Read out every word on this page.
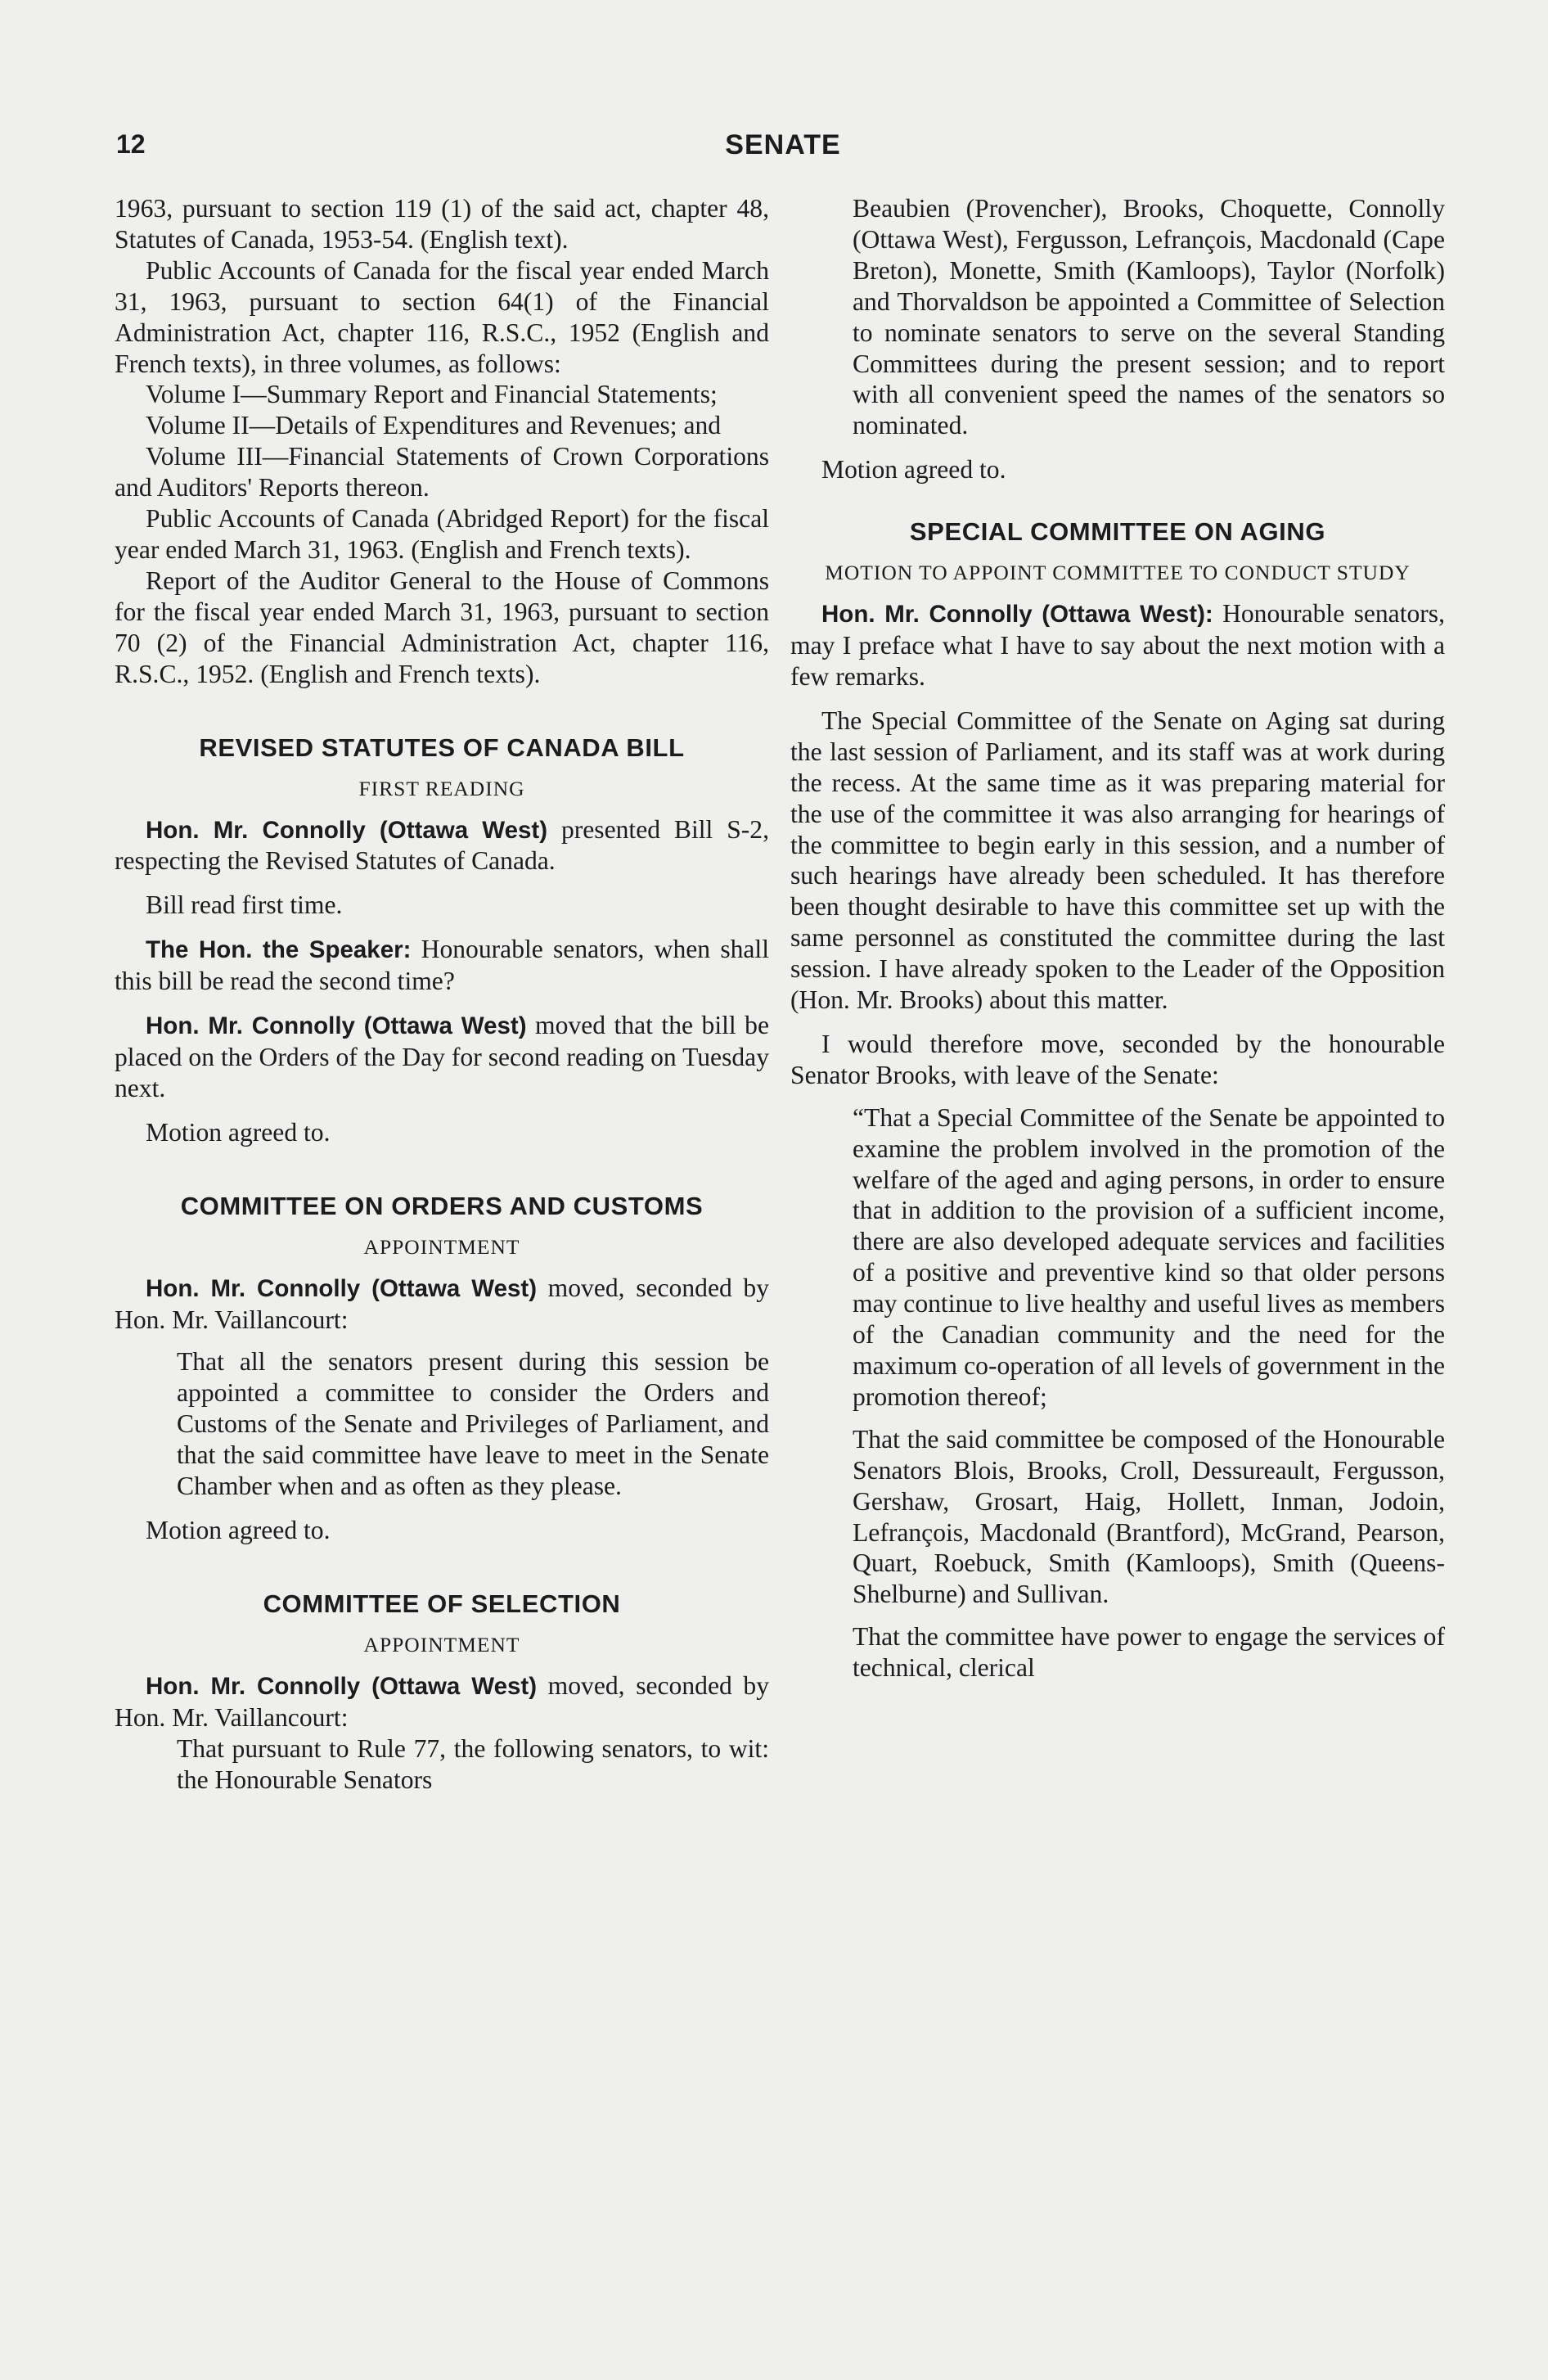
12	SENATE

1963, pursuant to section 119 (1) of the said act, chapter 48, Statutes of Canada, 1953-54. (English text).

Public Accounts of Canada for the fiscal year ended March 31, 1963, pursuant to section 64(1) of the Financial Administration Act, chapter 116, R.S.C., 1952 (English and French texts), in three volumes, as follows:

Volume I—Summary Report and Financial Statements;

Volume II—Details of Expenditures and Revenues; and

Volume III—Financial Statements of Crown Corporations and Auditors' Reports thereon.

Public Accounts of Canada (Abridged Report) for the fiscal year ended March 31, 1963. (English and French texts).

Report of the Auditor General to the House of Commons for the fiscal year ended March 31, 1963, pursuant to section 70 (2) of the Financial Administration Act, chapter 116, R.S.C., 1952. (English and French texts).

REVISED STATUTES OF CANADA BILL
FIRST READING

Hon. Mr. Connolly (Ottawa West) presented Bill S-2, respecting the Revised Statutes of Canada.

Bill read first time.

The Hon. the Speaker: Honourable senators, when shall this bill be read the second time?

Hon. Mr. Connolly (Ottawa West) moved that the bill be placed on the Orders of the Day for second reading on Tuesday next.

Motion agreed to.

COMMITTEE ON ORDERS AND CUSTOMS
APPOINTMENT

Hon. Mr. Connolly (Ottawa West) moved, seconded by Hon. Mr. Vaillancourt:

That all the senators present during this session be appointed a committee to consider the Orders and Customs of the Senate and Privileges of Parliament, and that the said committee have leave to meet in the Senate Chamber when and as often as they please.

Motion agreed to.

COMMITTEE OF SELECTION
APPOINTMENT

Hon. Mr. Connolly (Ottawa West) moved, seconded by Hon. Mr. Vaillancourt:

That pursuant to Rule 77, the following senators, to wit: the Honourable Senators

Beaubien (Provencher), Brooks, Choquette, Connolly (Ottawa West), Fergusson, Lefrançois, Macdonald (Cape Breton), Monette, Smith (Kamloops), Taylor (Norfolk) and Thorvaldson be appointed a Committee of Selection to nominate senators to serve on the several Standing Committees during the present session; and to report with all convenient speed the names of the senators so nominated.

Motion agreed to.

SPECIAL COMMITTEE ON AGING
MOTION TO APPOINT COMMITTEE TO CONDUCT STUDY

Hon. Mr. Connolly (Ottawa West): Honourable senators, may I preface what I have to say about the next motion with a few remarks.

The Special Committee of the Senate on Aging sat during the last session of Parliament, and its staff was at work during the recess. At the same time as it was preparing material for the use of the committee it was also arranging for hearings of the committee to begin early in this session, and a number of such hearings have already been scheduled. It has therefore been thought desirable to have this committee set up with the same personnel as constituted the committee during the last session. I have already spoken to the Leader of the Opposition (Hon. Mr. Brooks) about this matter.

I would therefore move, seconded by the honourable Senator Brooks, with leave of the Senate:

“That a Special Committee of the Senate be appointed to examine the problem involved in the promotion of the welfare of the aged and aging persons, in order to ensure that in addition to the provision of a sufficient income, there are also developed adequate services and facilities of a positive and preventive kind so that older persons may continue to live healthy and useful lives as members of the Canadian community and the need for the maximum co-operation of all levels of government in the promotion thereof;

That the said committee be composed of the Honourable Senators Blois, Brooks, Croll, Dessureault, Fergusson, Gershaw, Grosart, Haig, Hollett, Inman, Jodoin, Lefrançois, Macdonald (Brantford), McGrand, Pearson, Quart, Roebuck, Smith (Kamloops), Smith (Queens-Shelburne) and Sullivan.

That the committee have power to engage the services of technical, clerical
